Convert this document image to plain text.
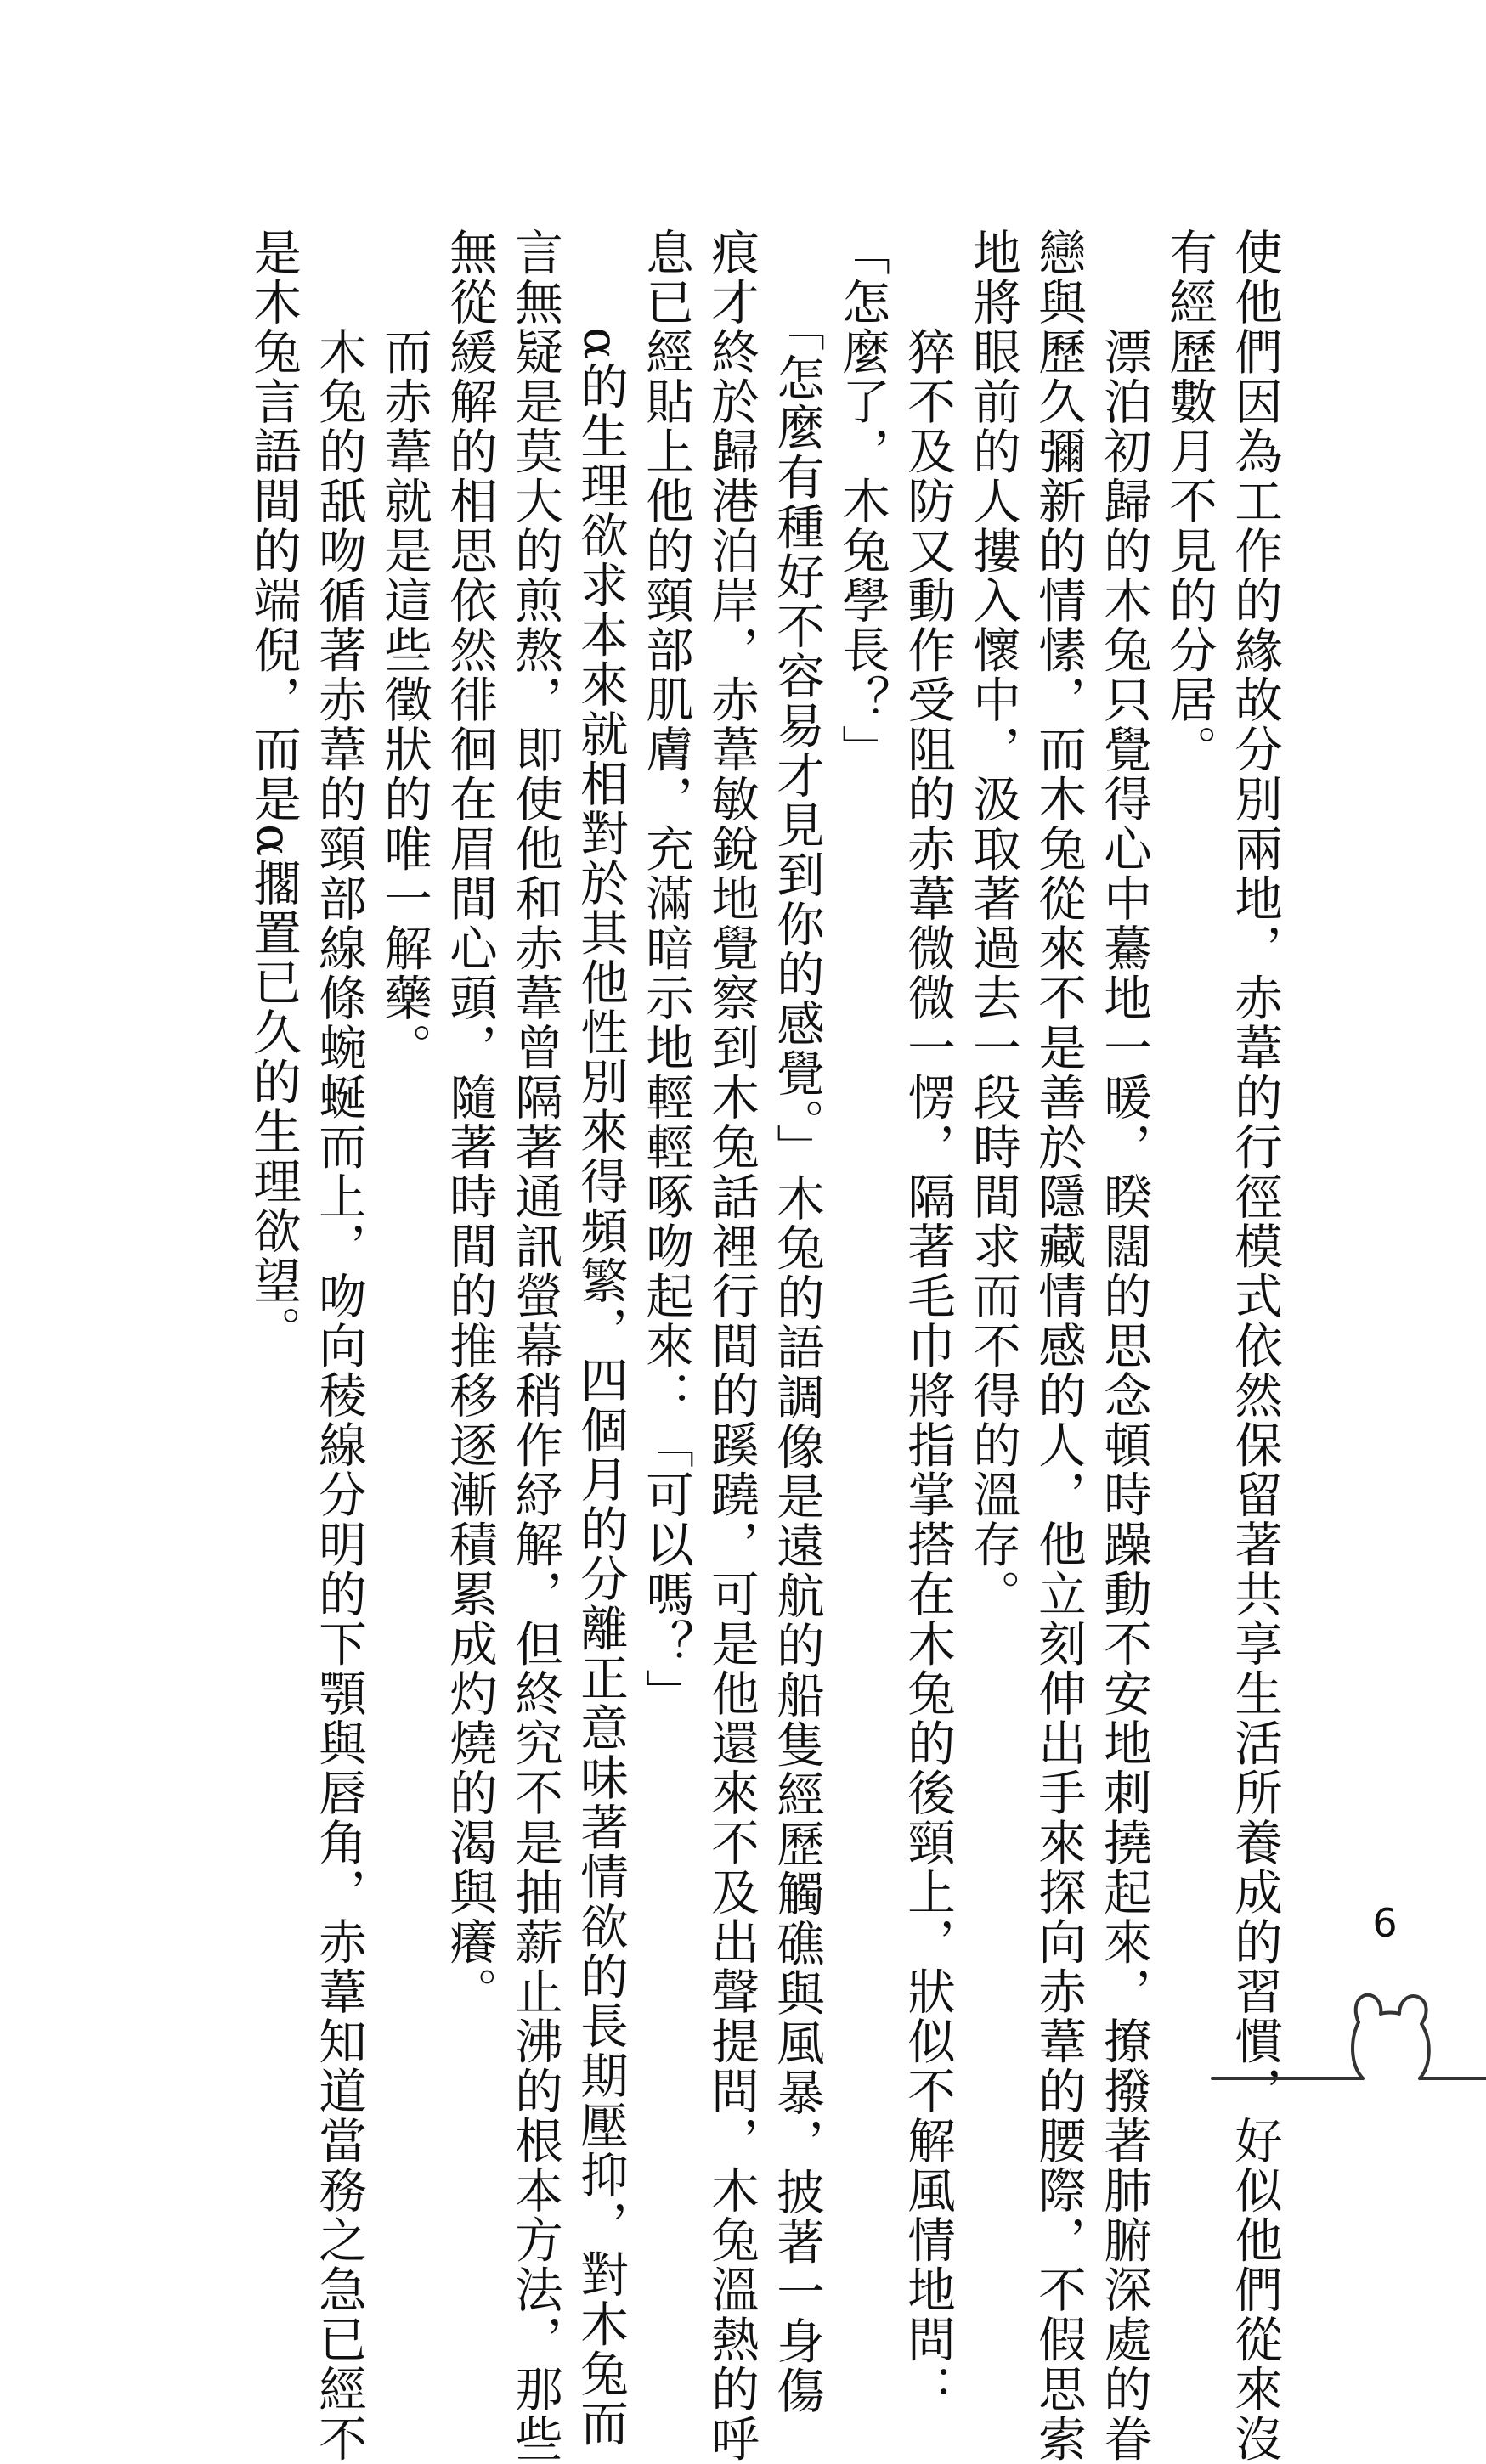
使他們因為工作的緣故分別兩地，赤葦的行徑模式依然保留著共享生活所養成的習慣，好似他們從來沒
有經歷數月不見的分居。
　　漂泊初歸的木兔只覺得心中驀地一暖，睽闊的思念頓時躁動不安地刺撓起來，撩撥著肺腑深處的眷
戀與歷久彌新的情愫，而木兔從來不是善於隱藏情感的人，他立刻伸出手來探向赤葦的腰際，不假思索
地將眼前的人摟入懷中，汲取著過去一段時間求而不得的溫存。
　　猝不及防又動作受阻的赤葦微微一愣，隔著毛巾將指掌搭在木兔的後頸上，狀似不解風情地問：
「怎麼了，木兔學長？」
　　「怎麼有種好不容易才見到你的感覺。」木兔的語調像是遠航的船隻經歷觸礁與風暴，披著一身傷
痕才終於歸港泊岸，赤葦敏銳地覺察到木兔話裡行間的蹊蹺，可是他還來不及出聲提問，木兔溫熱的呼
息已經貼上他的頸部肌膚，充滿暗示地輕輕啄吻起來：「可以嗎？」
　　α的生理欲求本來就相對於其他性別來得頻繁，四個月的分離正意味著情欲的長期壓抑，對木兔而
言無疑是莫大的煎熬，即使他和赤葦曾隔著通訊螢幕稍作紓解，但終究不是抽薪止沸的根本方法，那些
無從緩解的相思依然徘徊在眉間心頭，隨著時間的推移逐漸積累成灼燒的渴與癢。
　　而赤葦就是這些徵狀的唯一解藥。
　　木兔的舐吻循著赤葦的頸部線條蜿蜒而上，吻向稜線分明的下顎與唇角，赤葦知道當務之急已經不
是木兔言語間的端倪，而是α擱置已久的生理欲望。
6
